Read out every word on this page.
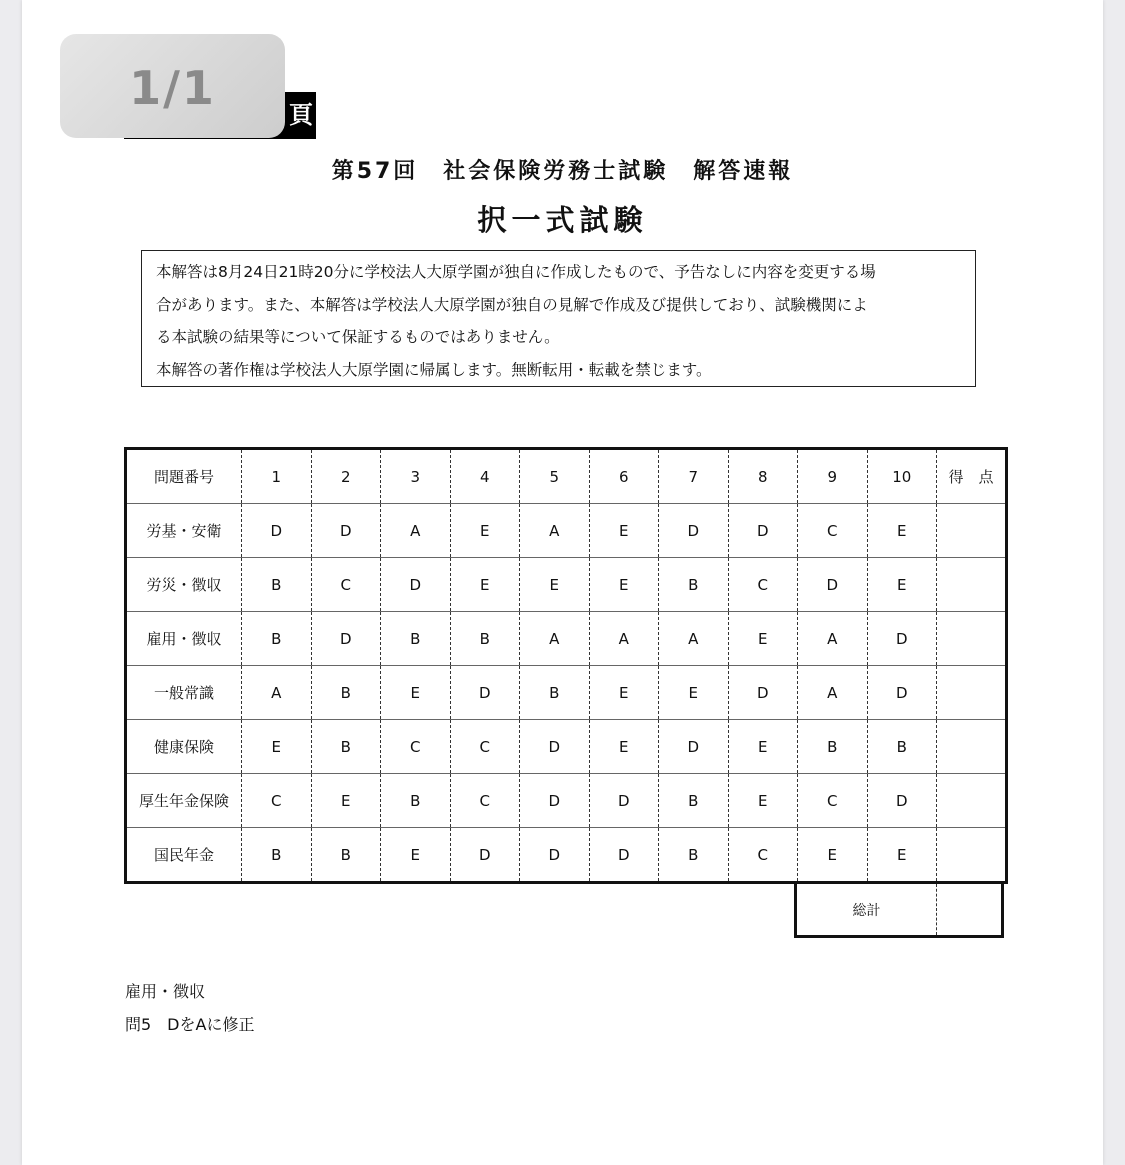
頁
1/1
第57回　社会保険労務士試験　解答速報
択一式試験

本解答は8月24日21時20分に学校法人大原学園が独自に作成したもので、予告なしに内容を変更する場

合があります。また、本解答は学校法人大原学園が独自の見解で作成及び提供しており、試験機関によ

る本試験の結果等について保証するものではありません。

本解答の著作権は学校法人大原学園に帰属します。無断転用・転載を禁じます。

問題番号	1	2	3	4	5	6	7	8	9	10	得　点
労基・安衛	D	D	A	E	A	E	D	D	C	E	
労災・徴収	B	C	D	E	E	E	B	C	D	E	
雇用・徴収	B	D	B	B	A	A	A	E	A	D	
一般常識	A	B	E	D	B	E	E	D	A	D	
健康保険	E	B	C	C	D	E	D	E	B	B	
厚生年金保険	C	E	B	C	D	D	B	E	C	D	
国民年金	B	B	E	D	D	D	B	C	E	E	
総計
雇用・徴収
問5　DをAに修正
